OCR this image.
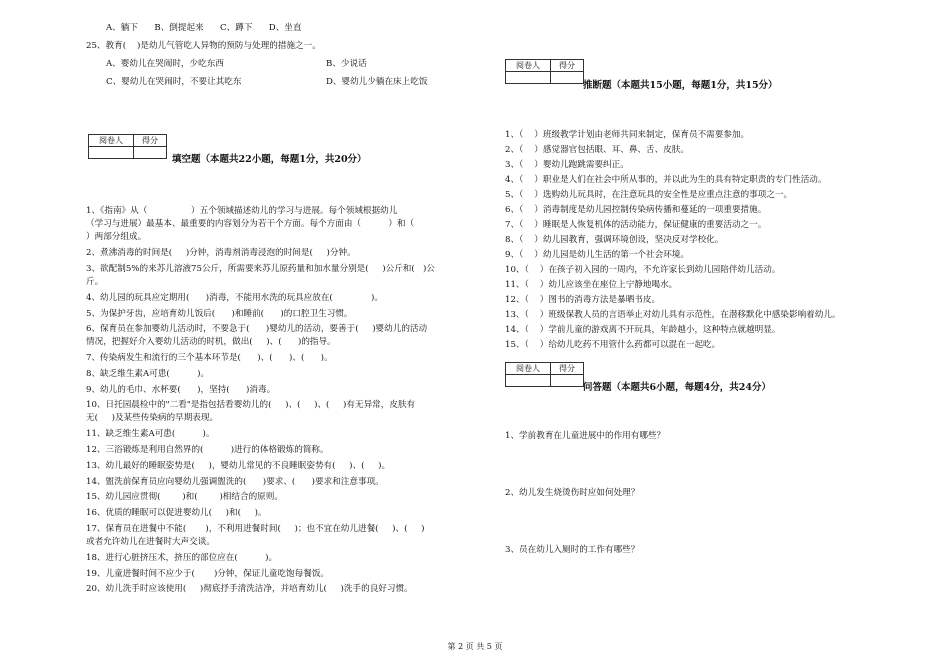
A、躺下      B、倒提起来      C、蹲下      D、坐直
25、教育(    )是幼儿气管吃人异物的预防与处理的措施之一。
A、婴幼儿在哭闹时，少吃东西	B、少说话
C、婴幼儿在哭闹时，不要让其吃东	D、婴幼儿少躺在床上吃饭
阅卷人	得分

填空题（本题共22小题，每题1分，共20分）
1、《指南》从（                ）五个领域描述幼儿的学习与进展。每个领域根据幼儿
（学习与进展）最基本、最重要的内容划分为若干个方面。每个方面由（          ）和（
）两部分组成。
2、煮沸消毒的时间是(     )分钟，消毒剂消毒浸泡的时间是(     )分钟。
3、欲配制5%的来苏儿溶液75公斤，所需要来苏儿原药量和加水量分别是(     )公斤和(   )公
斤。
4、幼儿园的玩具应定期用(      )消毒，不能用水洗的玩具应放在(              )。
5、为保护牙齿，应培育幼儿饭后(      )和睡前(      )的口腔卫生习惯。
6、保育员在参加婴幼儿活动时，不要急于(      )婴幼儿的活动，要善于(     )婴幼儿的活动
情况，把握好介入婴幼儿活动的时机，做出(     )、(      )的指导。
7、传染病发生和流行的三个基本环节是(      )、(      )、(      )。
8、缺乏维生素A可患(          )。
9、幼儿的毛巾、水杯要(      )，坚持(      )消毒。
10、日托园晨检中的"二看"是指包括看婴幼儿的(     )、(     )、(     )有无异常，皮肤有
无(     )及某些传染病的早期表现。
11、缺乏维生素A可患(          )。
12、三浴锻炼是利用自然界的(          )进行的体格锻炼的简称。
13、幼儿最好的睡眠姿势是(     )，婴幼儿常见的不良睡眠姿势有(     )、(     )。
14、盥洗前保育员应向婴幼儿强调盥洗的(      )要求、(      )要求和注意事项。
15、幼儿园应贯彻(        )和(        )相结合的原则。
16、优质的睡眠可以促进婴幼儿(     )和(     )。
17、保育员在进餐中不能(       )，不利用进餐时间(     )；也不宜在幼儿进餐(     )、(     )
或者允许幼儿在进餐时大声交谈。
18、进行心脏挤压术，挤压的部位应在(          )。
19、儿童进餐时间不应少于(       )分钟，保证儿童吃饱每餐饭。
20、幼儿洗手时应该使用(     )彻底抒手清洗洁净，并培育幼儿(     )洗手的良好习惯。
阅卷人	得分

推断题（本题共15小题，每题1分，共15分）
1、（    ）班级教学计划由老师共同来制定，保育员不需要参加。
2、（    ）感觉器官包括眼、耳、鼻、舌、皮肤。
3、（    ）婴幼儿跑跳需要纠正。
4、（    ）职业是人们在社会中所从事的，并以此为生的具有特定职责的专门性活动。
5、（    ）选购幼儿玩具时，在注意玩具的安全性是应重点注意的事项之一。
6、（    ）消毒制度是幼儿园控制传染病传播和蔓延的一项重要措施。
7、（    ）睡眠是人恢复机体的活动能力，保证健康的重要活动之一。
8、（    ）幼儿园教育，强调环境创设，坚决反对学校化。
9、（    ）幼儿园是幼儿生活的第一个社会环境。
10、（    ）在孩子初入园的一周内，不允许家长到幼儿园陪伴幼儿活动。
11、（    ）幼儿应该坐在座位上宁静地喝水。
12、（    ）图书的消毒方法是暴晒书皮。
13、（    ）班级保教人员的言语举止对幼儿具有示范性，在潜移默化中感染影响着幼儿。
14、（    ）学前儿童的游戏离不开玩具，年龄越小，这种特点就越明显。
15、（    ）给幼儿吃药不用管什么药都可以混在一起吃。
阅卷人	得分

问答题（本题共6小题，每题4分，共24分）
1、学前教育在儿童进展中的作用有哪些？
2、幼儿发生烧烫伤时应如何处理？
3、员在幼儿入厕时的工作有哪些？
第 2 页 共 5 页
